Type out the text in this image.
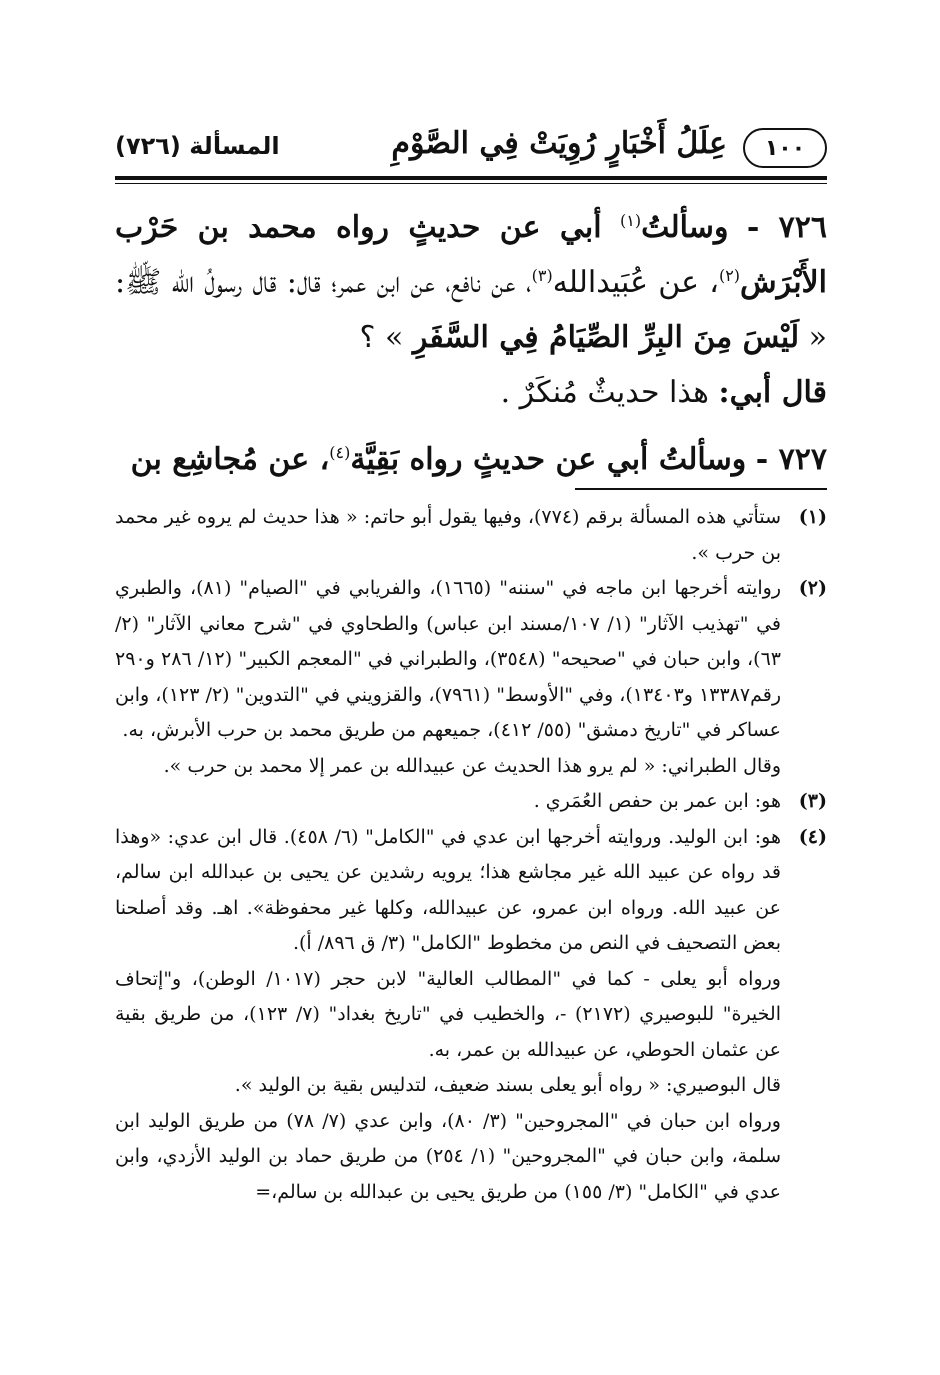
١٠٠
عِلَلُ أَخْبَارٍ رُوِيَتْ فِي الصَّوْمِ
المسألة (٧٢٦)

٧٢٦ - وسألتُ$^{(١)}$ أبي عن حديثٍ رواه محمد بن حَرْب الأَبْرَش$^{(٢)}$، عن عُبَيدالله$^{(٣)}$، عن نافع، عن ابن عمر؛ قال: قال رسولُ الله ﷺ: « لَيْسَ مِنَ البِرِّ الصِّيَامُ فِي السَّفَرِ » ؟

قال أبي: هذا حديثٌ مُنكَرٌ .

٧٢٧ - وسألتُ أبي عن حديثٍ رواه بَقِيَّة$^{(٤)}$، عن مُجاشِع بن

(١)
ستأتي هذه المسألة برقم (٧٧٤)، وفيها يقول أبو حاتم: « هذا حديث لم يروه غير محمد بن حرب ».
(٢)
روايته أخرجها ابن ماجه في "سننه" (١٦٦٥)، والفريابي في "الصيام" (٨١)، والطبري في "تهذيب الآثار" (١/ ١٠٧/مسند ابن عباس) والطحاوي في "شرح معاني الآثار" (٢/ ٦٣)، وابن حبان في "صحيحه" (٣٥٤٨)، والطبراني في "المعجم الكبير" (١٢/ ٢٨٦ و٢٩٠ رقم١٣٣٨٧ و١٣٤٠٣)، وفي "الأوسط" (٧٩٦١)، والقزويني في "التدوين" (٢/ ١٢٣)، وابن عساكر في "تاريخ دمشق" (٥٥/ ٤١٢)، جميعهم من طريق محمد بن حرب الأبرش، به.
وقال الطبراني: « لم يرو هذا الحديث عن عبيدالله بن عمر إلا محمد بن حرب ».
(٣)
هو: ابن عمر بن حفص العُمَري .
(٤)
هو: ابن الوليد. وروايته أخرجها ابن عدي في "الكامل" (٦/ ٤٥٨). قال ابن عدي: «وهذا قد رواه عن عبيد الله غير مجاشع هذا؛ يرويه رشدين عن يحيى بن عبدالله ابن سالم، عن عبيد الله. ورواه ابن عمرو، عن عبيدالله، وكلها غير محفوظة». اهـ. وقد أصلحنا بعض التصحيف في النص من مخطوط "الكامل" (٣/ ق ٨٩٦/ أ).
ورواه أبو يعلى - كما في "المطالب العالية" لابن حجر (١٠١٧/ الوطن)، و"إتحاف الخيرة" للبوصيري (٢١٧٢) -، والخطيب في "تاريخ بغداد" (٧/ ١٢٣)، من طريق بقية عن عثمان الحوطي، عن عبيدالله بن عمر، به.
قال البوصيري: « رواه أبو يعلى بسند ضعيف، لتدليس بقية بن الوليد ».
ورواه ابن حبان في "المجروحين" (٣/ ٨٠)، وابن عدي (٧/ ٧٨) من طريق الوليد ابن سلمة، وابن حبان في "المجروحين" (١/ ٢٥٤) من طريق حماد بن الوليد الأزدي، وابن عدي في "الكامل" (٣/ ١٥٥) من طريق يحيى بن عبدالله بن سالم،=
